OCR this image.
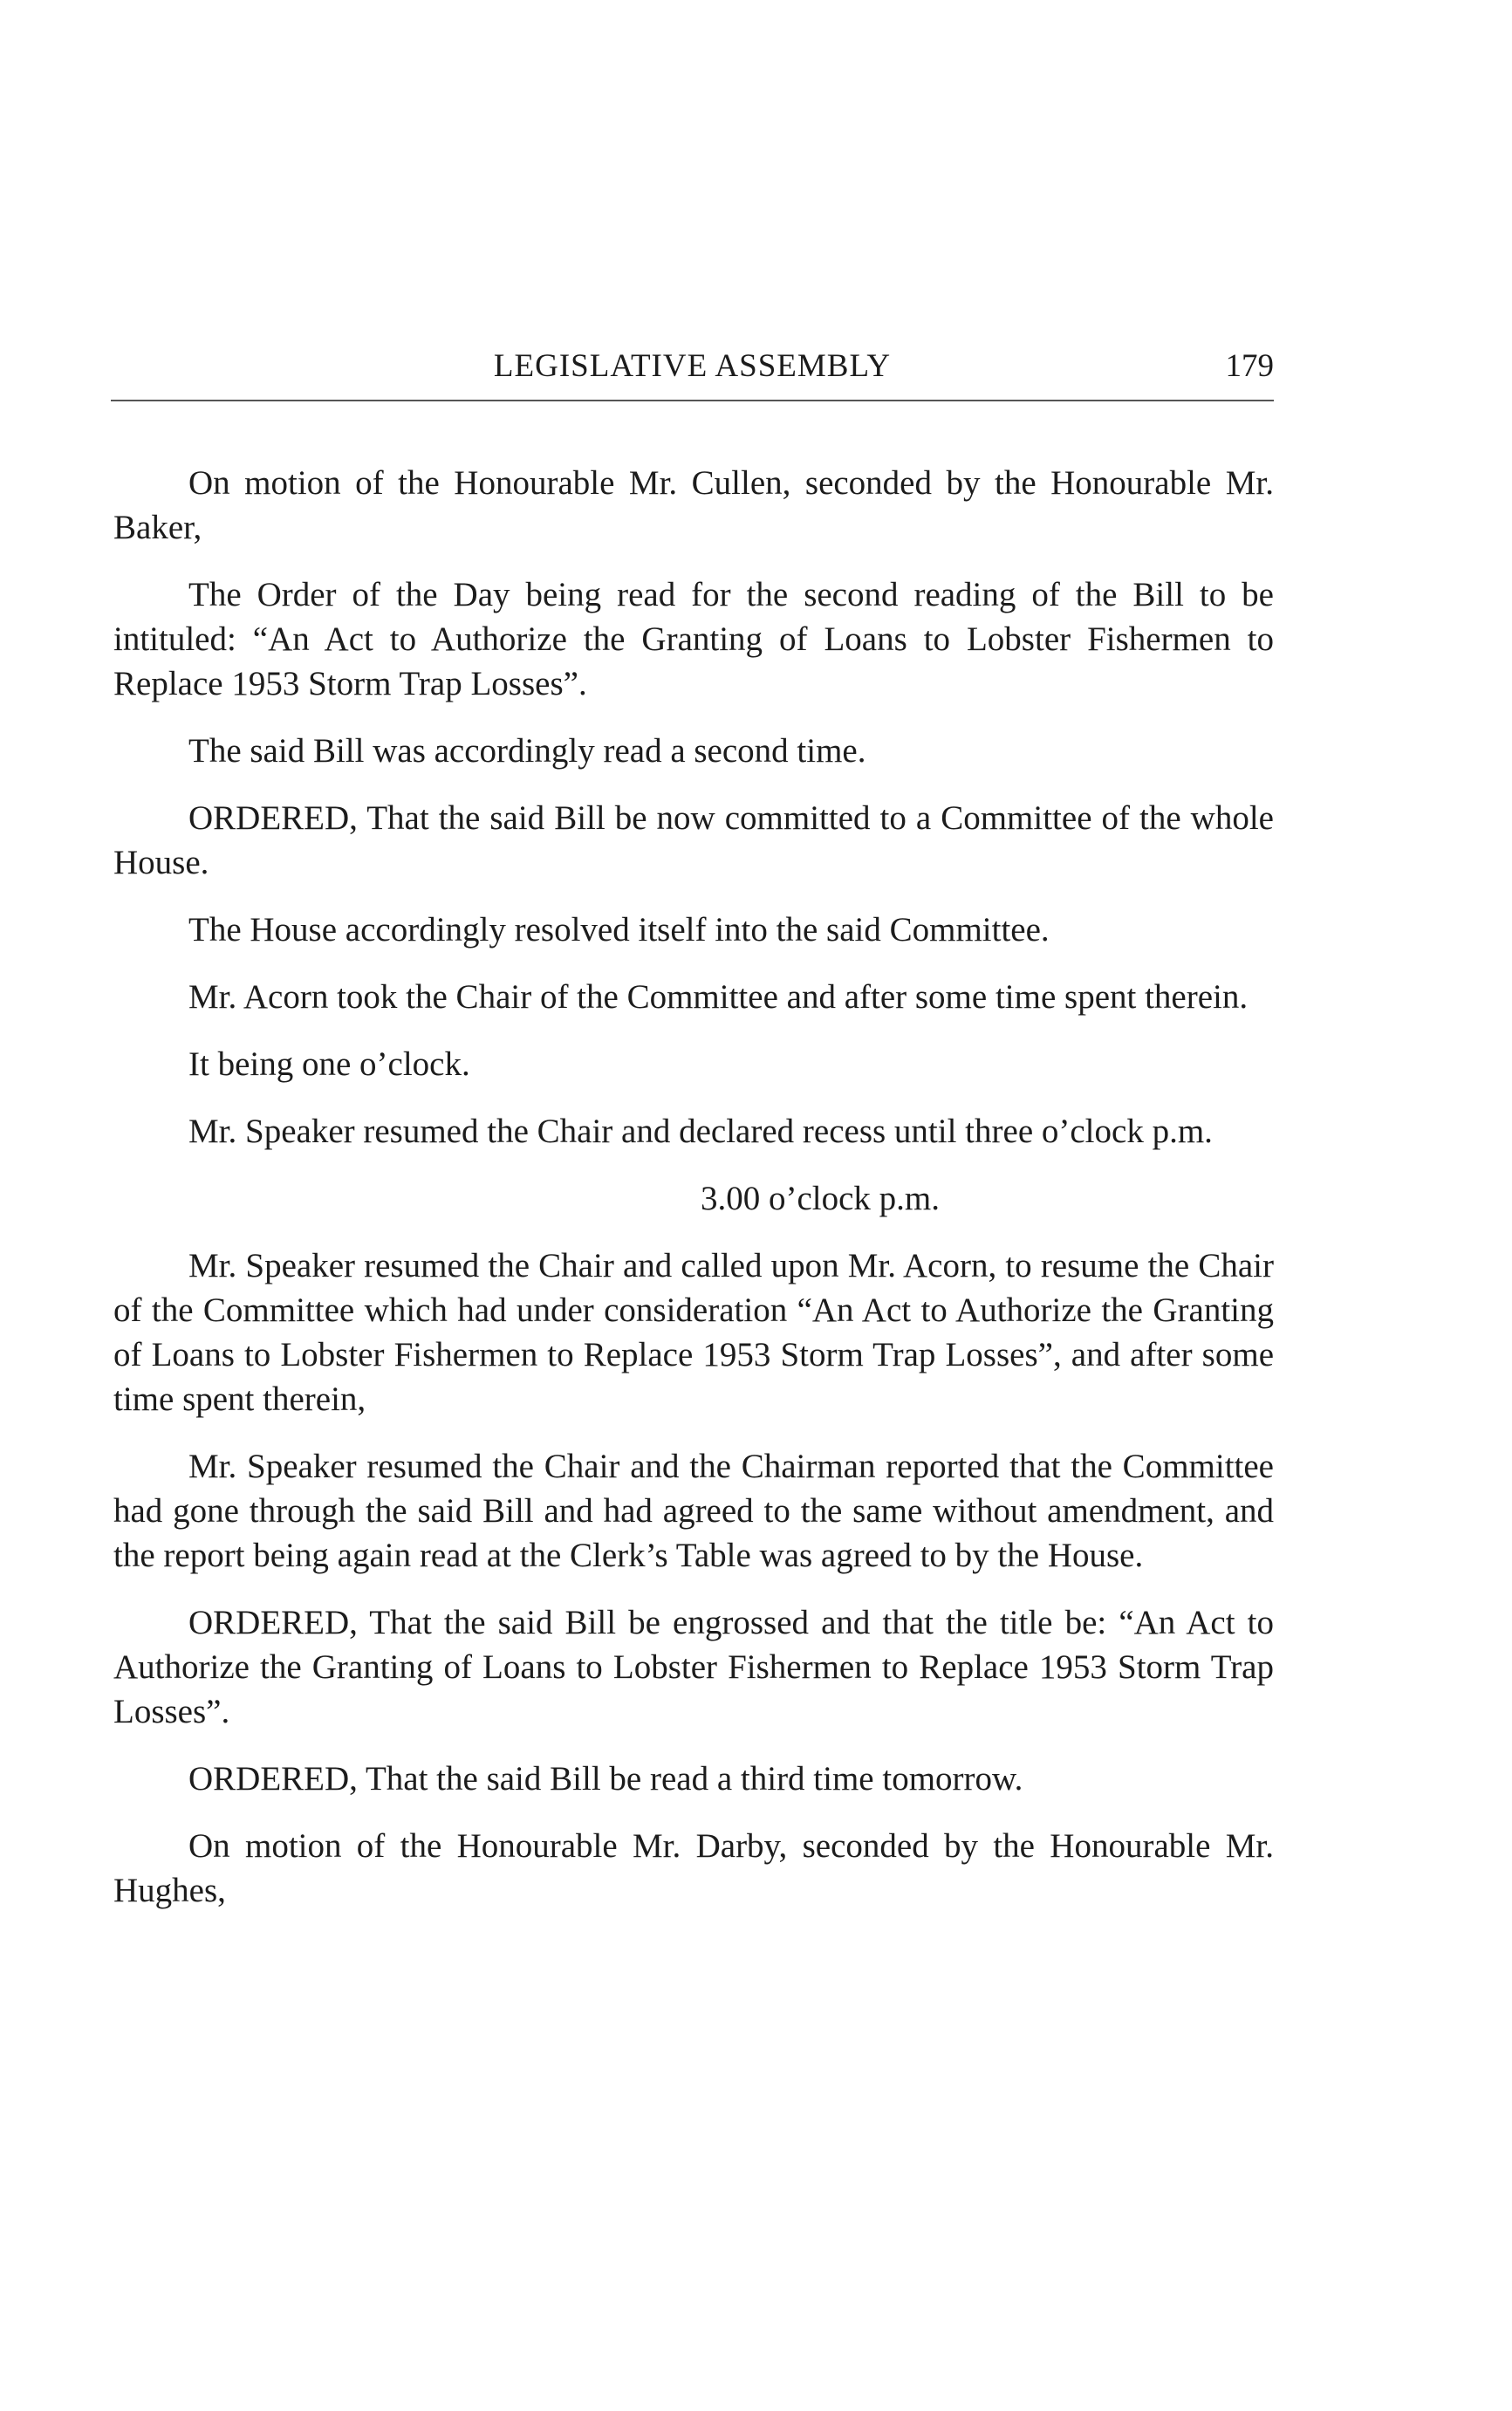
LEGISLATIVE ASSEMBLY	179

On motion of the Honourable Mr. Cullen, seconded by the Honourable Mr. Baker,

The Order of the Day being read for the second reading of the Bill to be intituled: “An Act to Authorize the Granting of Loans to Lobster Fishermen to Replace 1953 Storm Trap Losses”.

The said Bill was accordingly read a second time.

ORDERED, That the said Bill be now committed to a Committee of the whole House.

The House accordingly resolved itself into the said Committee.

Mr. Acorn took the Chair of the Committee and after some time spent therein.

It being one o’clock.

Mr. Speaker resumed the Chair and declared recess until three o’clock p.m.

3.00 o’clock p.m.

Mr. Speaker resumed the Chair and called upon Mr. Acorn, to resume the Chair of the Committee which had under consideration “An Act to Authorize the Granting of Loans to Lobster Fishermen to Replace 1953 Storm Trap Losses”, and after some time spent therein,

Mr. Speaker resumed the Chair and the Chairman reported that the Committee had gone through the said Bill and had agreed to the same without amendment, and the report being again read at the Clerk’s Table was agreed to by the House.

ORDERED, That the said Bill be engrossed and that the title be: “An Act to Authorize the Granting of Loans to Lobster Fishermen to Replace 1953 Storm Trap Losses”.

ORDERED, That the said Bill be read a third time tomorrow.

On motion of the Honourable Mr. Darby, seconded by the Honourable Mr. Hughes,
